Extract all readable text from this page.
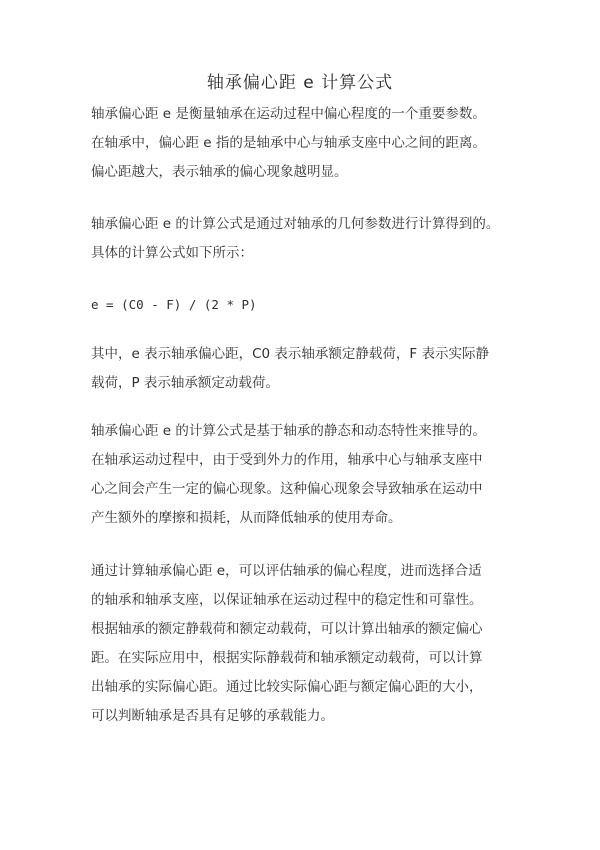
轴承偏心距 e 计算公式
轴承偏心距 e 是衡量轴承在运动过程中偏心程度的一个重要参数。
在轴承中，偏心距 e 指的是轴承中心与轴承支座中心之间的距离。
偏心距越大，表示轴承的偏心现象越明显。
轴承偏心距 e 的计算公式是通过对轴承的几何参数进行计算得到的。
具体的计算公式如下所示：
e = (C0 - F) / (2 * P)
其中，e 表示轴承偏心距，C0 表示轴承额定静载荷，F 表示实际静
载荷，P 表示轴承额定动载荷。
轴承偏心距 e 的计算公式是基于轴承的静态和动态特性来推导的。
在轴承运动过程中，由于受到外力的作用，轴承中心与轴承支座中
心之间会产生一定的偏心现象。这种偏心现象会导致轴承在运动中
产生额外的摩擦和损耗，从而降低轴承的使用寿命。
通过计算轴承偏心距 e，可以评估轴承的偏心程度，进而选择合适
的轴承和轴承支座，以保证轴承在运动过程中的稳定性和可靠性。
根据轴承的额定静载荷和额定动载荷，可以计算出轴承的额定偏心
距。在实际应用中，根据实际静载荷和轴承额定动载荷，可以计算
出轴承的实际偏心距。通过比较实际偏心距与额定偏心距的大小，
可以判断轴承是否具有足够的承载能力。
